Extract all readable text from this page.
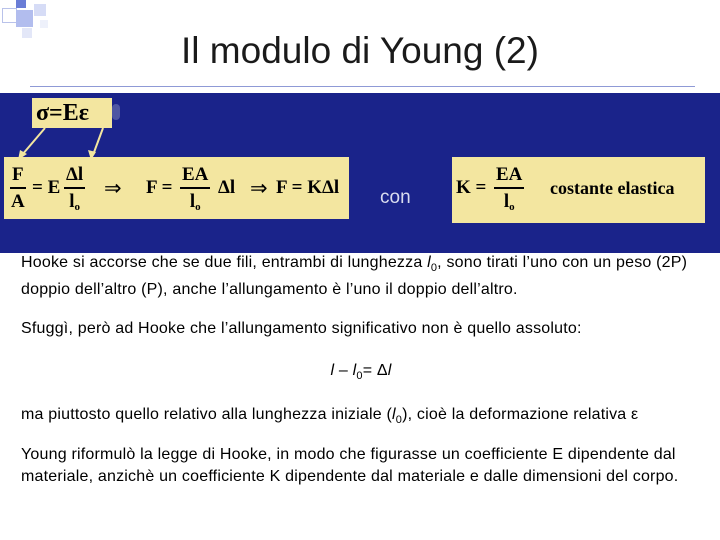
Il modulo di Young (2)
σ=Eε
$\frac{F}{A} = E \frac{\Delta l}{l_o}$ ⇒ $F = \frac{EA}{l_o}$ Δl ⇒ F = KΔl con $K = \frac{EA}{l_o}$ costante elastica

Hooke si accorse che se due fili, entrambi di lunghezza $l_0$, sono tirati l’uno con un peso (2P) doppio dell’altro (P), anche l’allungamento è l’uno il doppio dell’altro.

Sfuggì, però ad Hooke che l’allungamento significativo non è quello assoluto:

$l - l_0= \Delta l$

ma piuttosto quello relativo alla lunghezza iniziale $(l_0)$, cioè la deformazione relativa ε

Young riformulò la legge di Hooke, in modo che figurasse un coefficiente E dipendente dal materiale, anzichè un coefficiente K dipendente dal materiale e dalle dimensioni del corpo.
